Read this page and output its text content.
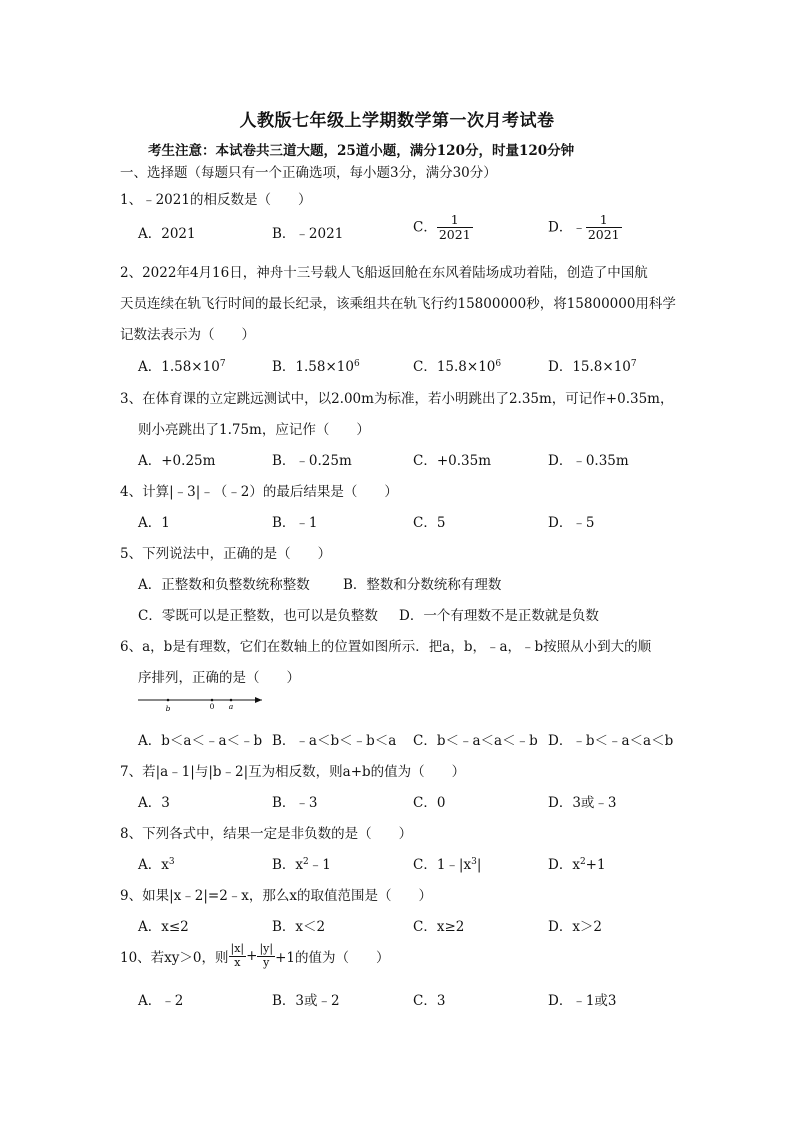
人教版七年级上学期数学第一次月考试卷
考生注意：本试卷共三道大题，25道小题，满分120分，时量120分钟
一、选择题（每题只有一个正确选项，每小题3分，满分30分）
1、﹣2021的相反数是（　　）
A．2021	B．﹣2021	C． $\frac{1}{2021}$	D．﹣ $\frac{1}{2021}$
2、2022年4月16日，神舟十三号载人飞船返回舱在东风着陆场成功着陆，创造了中国航
天员连续在轨飞行时间的最长纪录，该乘组共在轨飞行约15800000秒，将15800000用科学
记数法表示为（　　）
A．$1.58\times 10^7$	B．$1.58\times 10^6$	C．$15.8\times 10^6$	D．$15.8\times 10^7$
3、在体育课的立定跳远测试中，以2.00m为标准，若小明跳出了2.35m，可记作+0.35m，
则小亮跳出了1.75m，应记作（　　）
A．+0.25m	B．﹣0.25m	C．+0.35m	D．﹣0.35m
4、计算|﹣3|﹣（﹣2）的最后结果是（　　）
A．1	B．﹣1	C．5	D．﹣5
5、下列说法中，正确的是（　　）
A．正整数和负整数统称整数 B．整数和分数统称有理数
C．零既可以是正整数，也可以是负整数 D．一个有理数不是正数就是负数
6、a，b是有理数，它们在数轴上的位置如图所示．把a，b，﹣a，﹣b按照从小到大的顺
序排列，正确的是（　　）
b	0 a
A．b＜a＜﹣a＜﹣b B．﹣a＜b＜﹣b＜a C．b＜﹣a＜a＜﹣b D．﹣b＜﹣a＜a＜b
7、若|a﹣1|与|b﹣2|互为相反数，则a+b的值为（　　）
A．3	B．﹣3	C．0	D．3或﹣3
8、下列各式中，结果一定是非负数的是（　　）
A．$x^3$	B．$x^2﹣1$	C．$1﹣|x^3|$	D．$x^2+1$
9、如果|x﹣2|=2﹣x，那么x的取值范围是（　　）
A．x≤2	B．x＜2	C．x≥2	D．x＞2
10、若xy＞0，则 $\frac{|x|}{x} + \frac{|y|}{y} +1$的值为（　　）
A．﹣2	B．3或﹣2	C．3	D．﹣1或3
